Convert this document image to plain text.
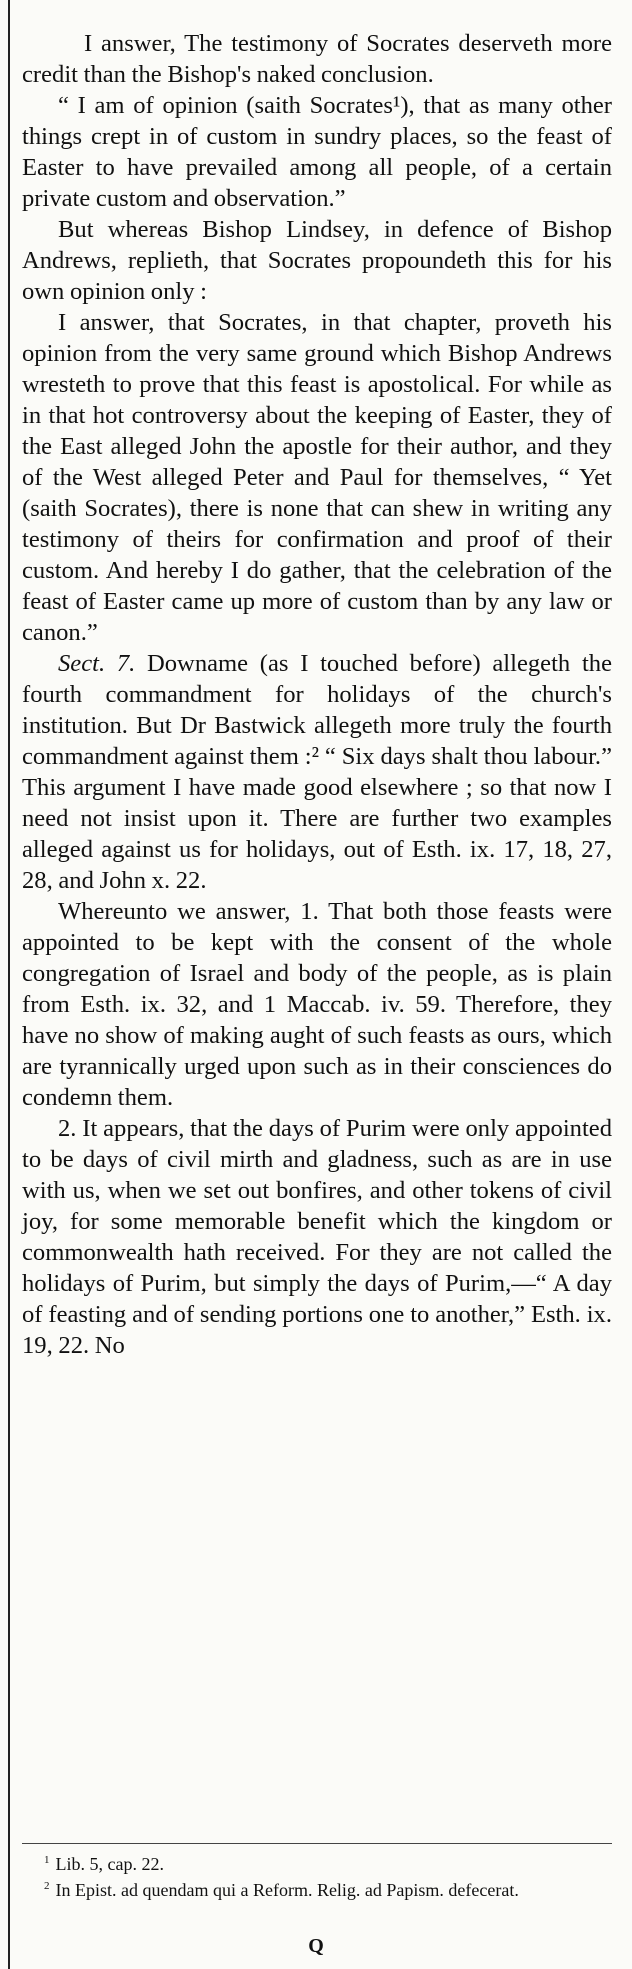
I answer, The testimony of Socrates deserveth more credit than the Bishop's naked conclusion.

“ I am of opinion (saith Socrates¹), that as many other things crept in of custom in sundry places, so the feast of Easter to have prevailed among all people, of a certain private custom and observation.”

But whereas Bishop Lindsey, in defence of Bishop Andrews, replieth, that Socrates propoundeth this for his own opinion only :

I answer, that Socrates, in that chapter, proveth his opinion from the very same ground which Bishop Andrews wresteth to prove that this feast is apostolical. For while as in that hot controversy about the keeping of Easter, they of the East alleged John the apostle for their author, and they of the West alleged Peter and Paul for themselves, “ Yet (saith Socrates), there is none that can shew in writing any testimony of theirs for confirmation and proof of their custom. And hereby I do gather, that the celebration of the feast of Easter came up more of custom than by any law or canon.”

Sect. 7. Downame (as I touched before) allegeth the fourth commandment for holidays of the church's institution. But Dr Bastwick allegeth more truly the fourth commandment against them :² “ Six days shalt thou labour.” This argument I have made good elsewhere ; so that now I need not insist upon it. There are further two examples alleged against us for holidays, out of Esth. ix. 17, 18, 27, 28, and John x. 22.

Whereunto we answer, 1. That both those feasts were appointed to be kept with the consent of the whole congregation of Israel and body of the people, as is plain from Esth. ix. 32, and 1 Maccab. iv. 59. Therefore, they have no show of making aught of such feasts as ours, which are tyrannically urged upon such as in their consciences do condemn them.

2. It appears, that the days of Purim were only appointed to be days of civil mirth and gladness, such as are in use with us, when we set out bonfires, and other tokens of civil joy, for some memorable benefit which the kingdom or commonwealth hath received. For they are not called the holidays of Purim, but simply the days of Purim,—“ A day of feasting and of sending portions one to another,” Esth. ix. 19, 22. No

$^1$ Lib. 5, cap. 22.

$^2$ In Epist. ad quendam qui a Reform. Relig. ad Papism. defecerat.

Q
